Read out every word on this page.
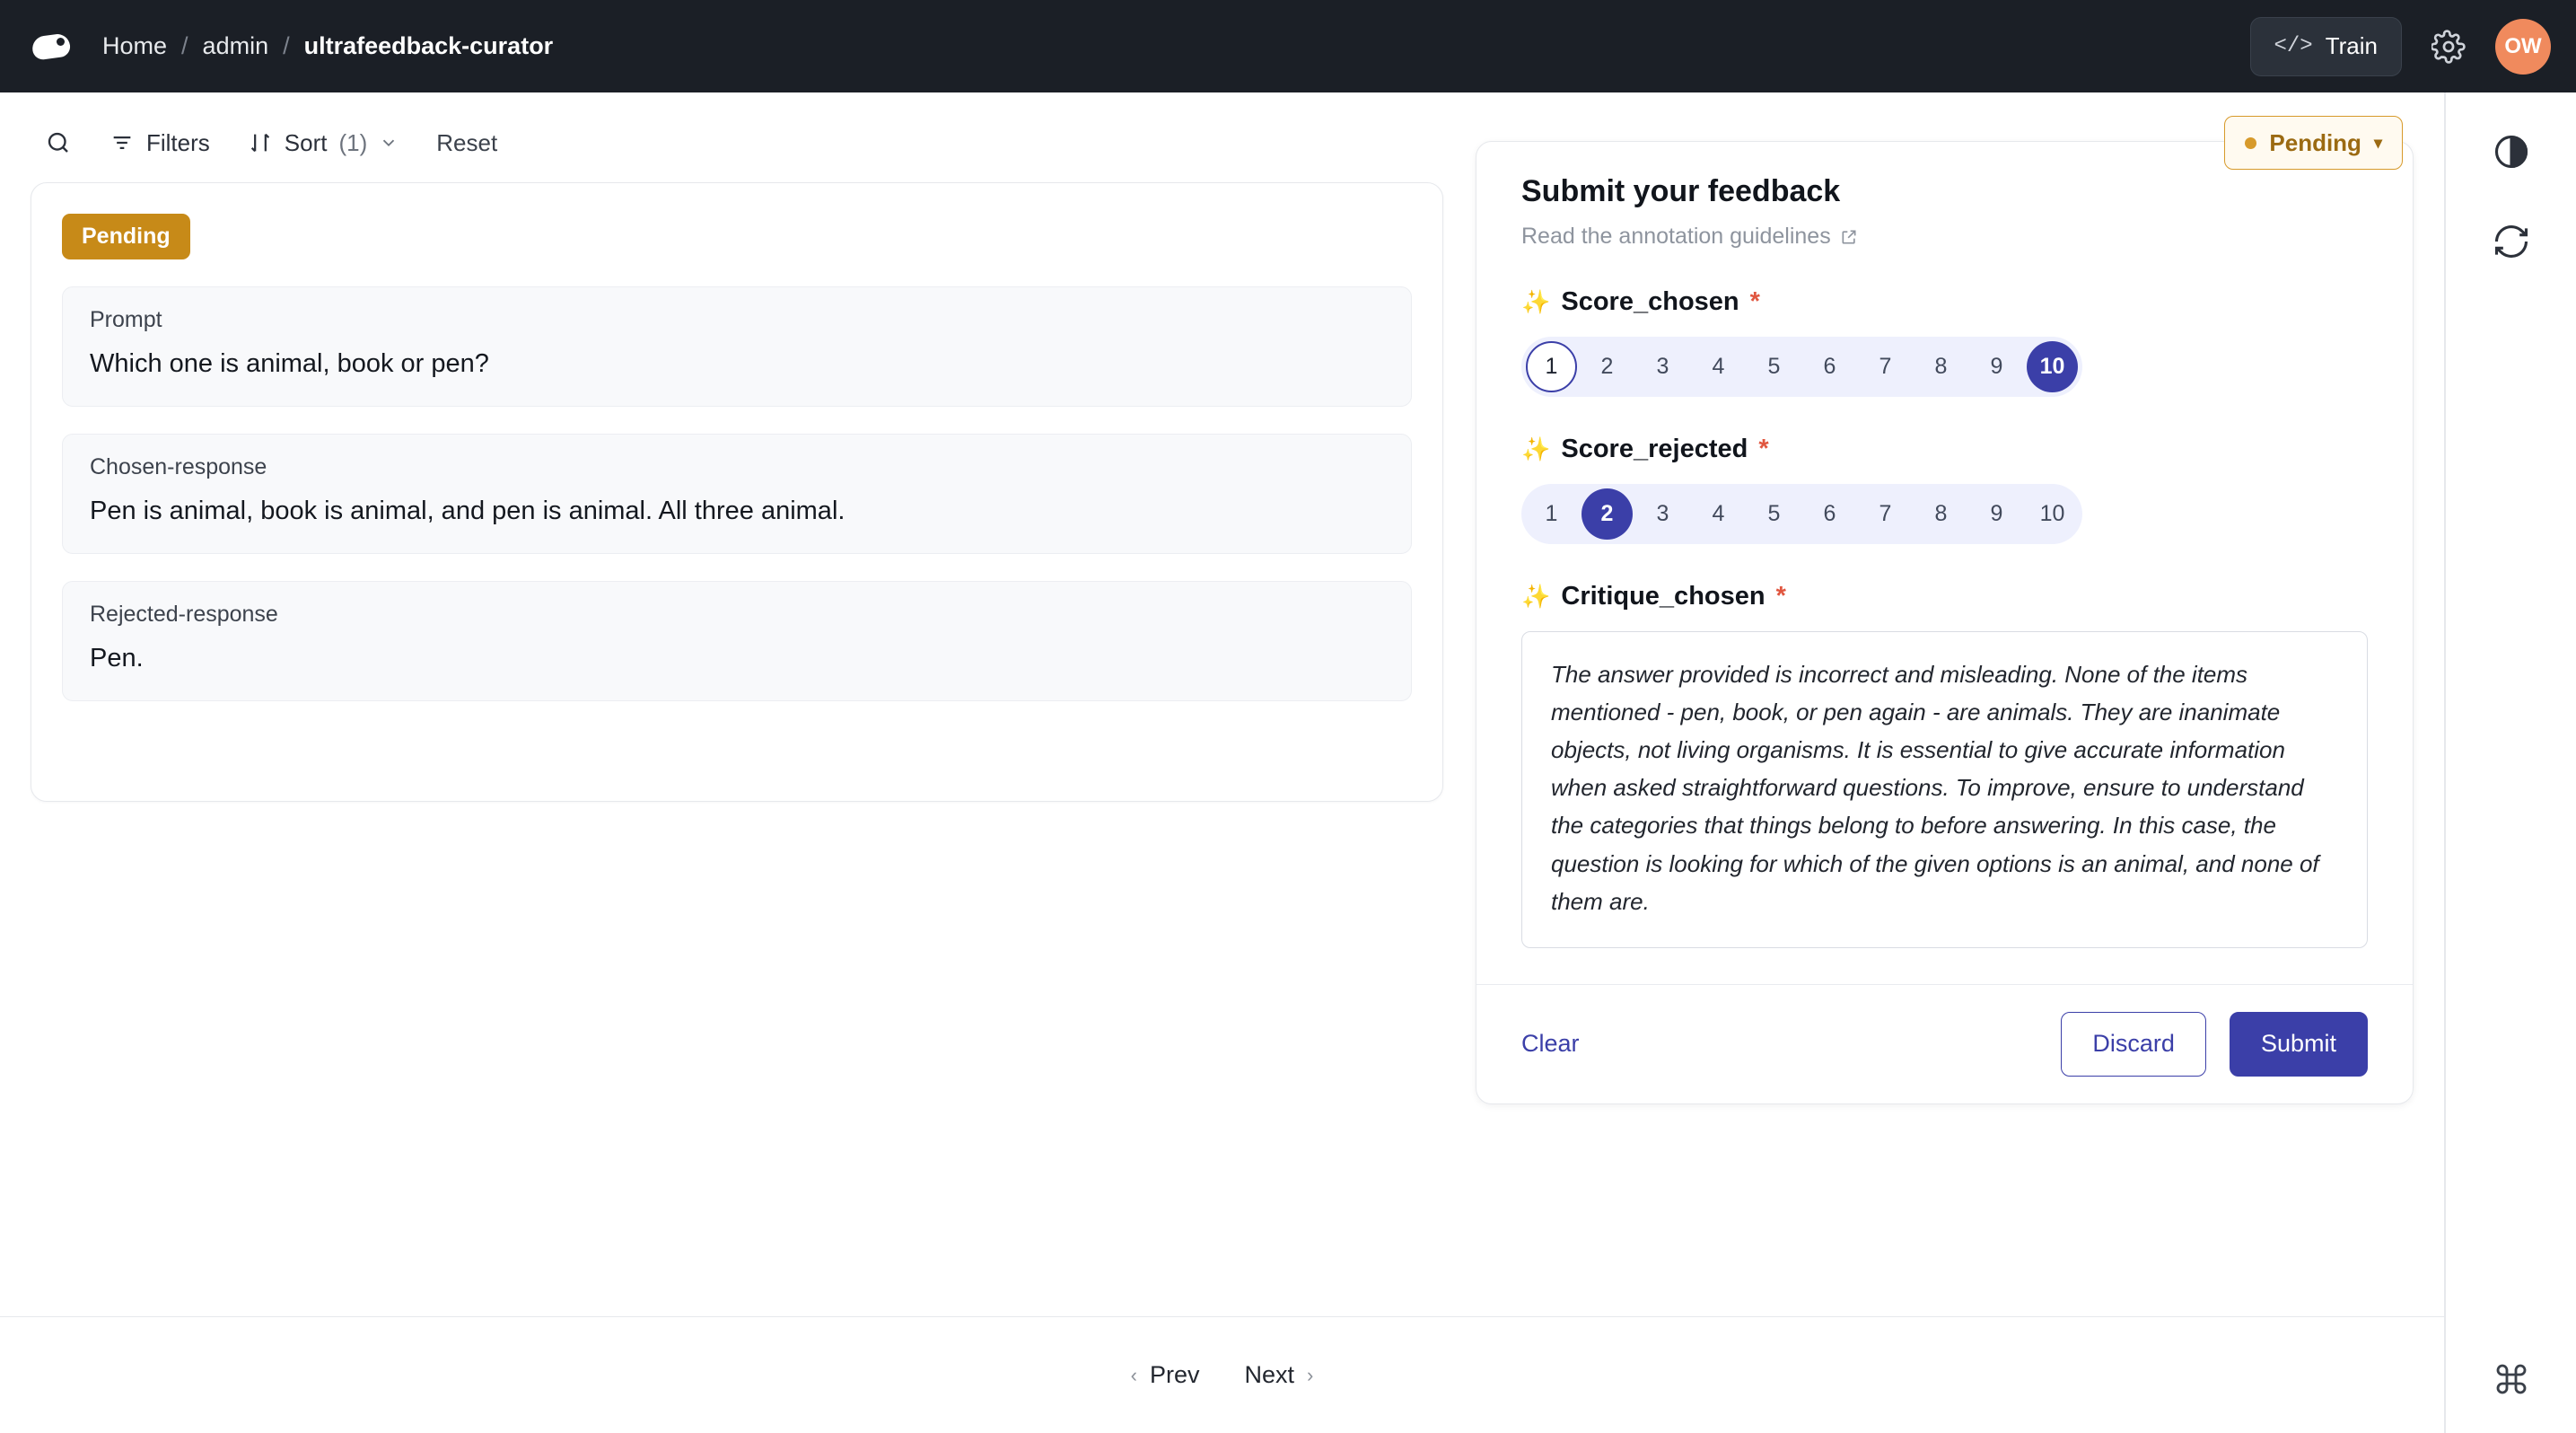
Home / admin / ultrafeedback-curator	</> Train	OW
Filters	Sort (1)	Reset	Pending ▾
Pending
Prompt
Which one is animal, book or pen?
Chosen-response
Pen is animal, book is animal, and pen is animal. All three animal.
Rejected-response
Pen.
Submit your feedback
Read the annotation guidelines
✨ Score_chosen *
1	2	3	4	5	6	7	8	9	10
✨ Score_rejected *
1	2	3	4	5	6	7	8	9	10
✨ Critique_chosen *
The answer provided is incorrect and misleading. None of the items mentioned - pen, book, or pen again - are animals. They are inanimate objects, not living organisms. It is essential to give accurate information when asked straightforward questions. To improve, ensure to understand the categories that things belong to before answering. In this case, the question is looking for which of the given options is an animal, and none of them are.
Clear	Discard	Submit
‹ Prev Next ›
